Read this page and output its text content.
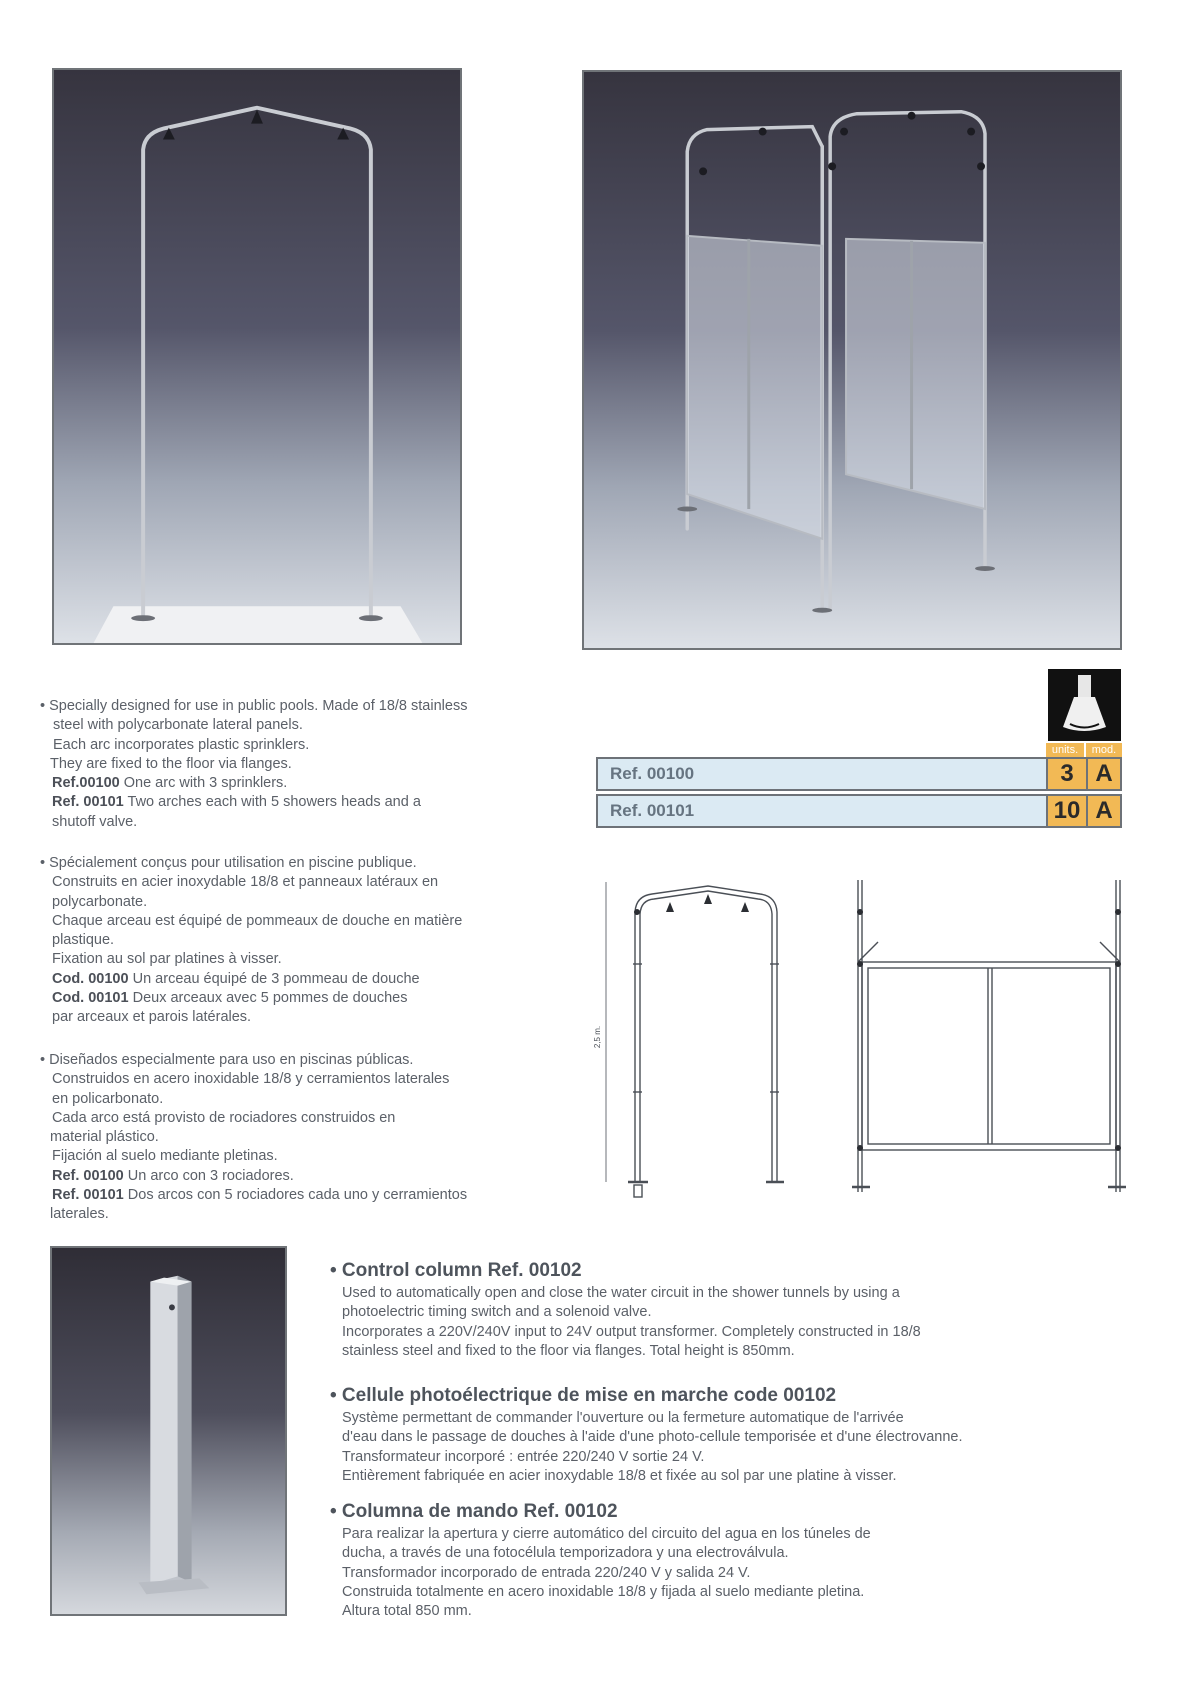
• Specially designed for use in public pools. Made of 18/8 stainless
steel with polycarbonate lateral panels.
Each arc incorporates plastic sprinklers.
They are fixed to the floor via flanges.
Ref.00100 One arc with 3 sprinklers.
Ref. 00101 Two arches each with 5 showers heads and a
shutoff valve.
• Spécialement conçus pour utilisation en piscine publique.
Construits en acier inoxydable 18/8 et panneaux latéraux en
polycarbonate.
Chaque arceau est équipé de pommeaux de douche en matière
plastique.
Fixation au sol par platines à visser.
Cod. 00100 Un arceau équipé de 3 pommeau de douche
Cod. 00101 Deux arceaux avec 5 pommes de douches
par arceaux et parois latérales.
• Diseñados especialmente para uso en piscinas públicas.
Construidos en acero inoxidable 18/8 y cerramientos laterales
en policarbonato.
Cada arco está provisto de rociadores construidos en
material plástico.
Fijación al suelo mediante pletinas.
Ref. 00100 Un arco con 3 rociadores.
Ref. 00101 Dos arcos con 5 rociadores cada uno y cerramientos
laterales.
units.	mod.
Ref. 00100	3 A
Ref. 00101	10 A
2,5 m.
• Control column Ref. 00102
Used to automatically open and close the water circuit in the shower tunnels by using a
photoelectric timing switch and a solenoid valve.
Incorporates a 220V/240V input to 24V output transformer. Completely constructed in 18/8
stainless steel and fixed to the floor via flanges. Total height is 850mm.
• Cellule photoélectrique de mise en marche code 00102
Système permettant de commander l'ouverture ou la fermeture automatique de l'arrivée
d'eau dans le passage de douches à l'aide d'une photo-cellule temporisée et d'une électrovanne.
Transformateur incorporé : entrée 220/240 V sortie 24 V.
Entièrement fabriquée en acier inoxydable 18/8 et fixée au sol par une platine à visser.
• Columna de mando Ref. 00102
Para realizar la apertura y cierre automático del circuito del agua en los túneles de
ducha, a través de una fotocélula temporizadora y una electroválvula.
Transformador incorporado de entrada 220/240 V y salida 24 V.
Construida totalmente en acero inoxidable 18/8 y fijada al suelo mediante pletina.
Altura total 850 mm.
